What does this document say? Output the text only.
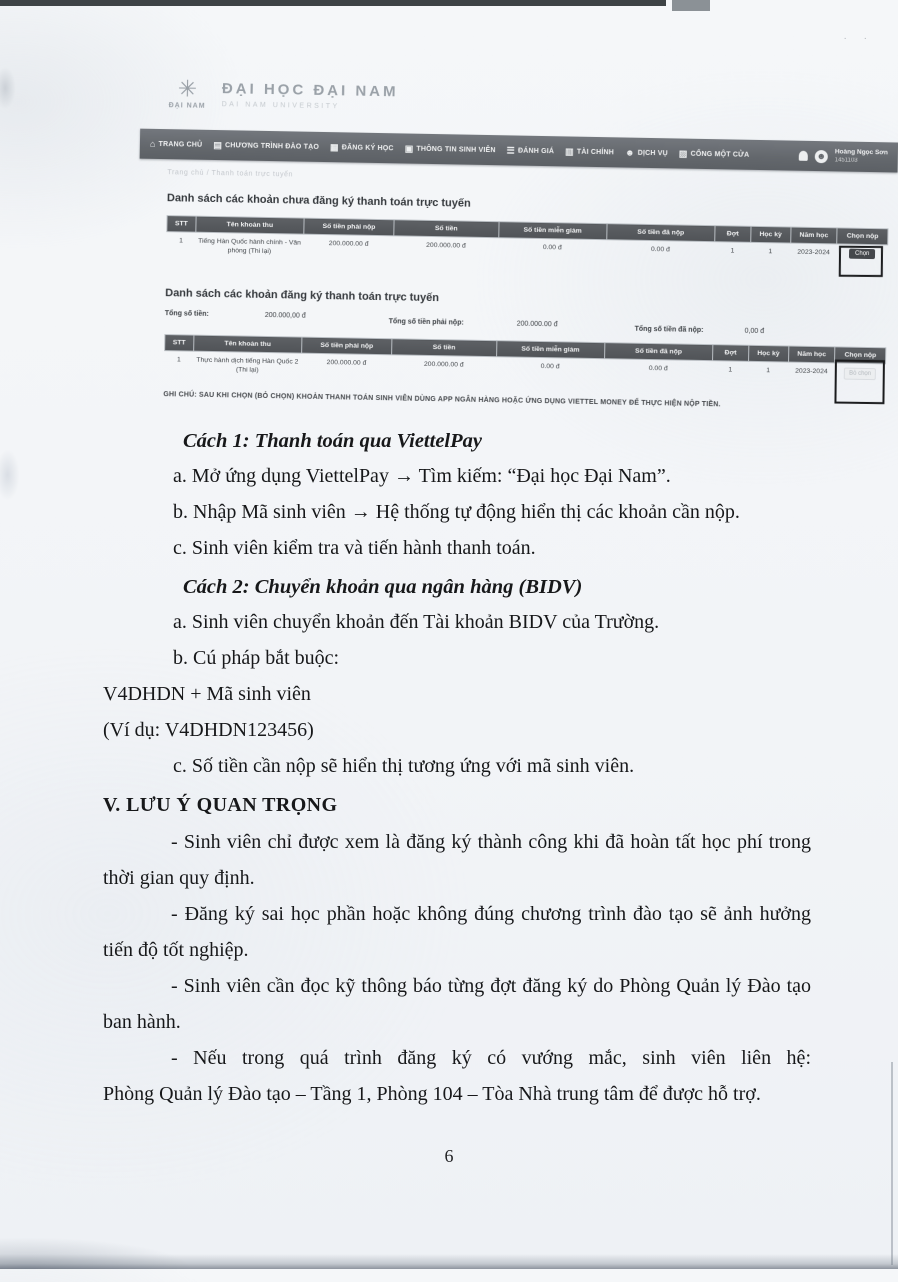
· ·
✳
ĐẠI NAM
ĐẠI HỌC ĐẠI NAM
DAI NAM UNIVERSITY
⌂ TRANG CHỦ ▤ CHƯƠNG TRÌNH ĐÀO TẠO ▦ ĐĂNG KÝ HỌC ▣ THÔNG TIN SINH VIÊN ☰ ĐÁNH GIÁ ▥ TÀI CHÍNH ☻ DỊCH VỤ ▨ CỔNG MỘT CỬA	☻ Hoàng Ngọc Sơn
1451103
Trang chủ / Thanh toán trực tuyến
Danh sách các khoản chưa đăng ký thanh toán trực tuyến
STT	Tên khoản thu	Số tiền phải nộp	Số tiền	Số tiền miễn giảm	Số tiền đã nộp	Đợt	Học kỳ	Năm học	Chọn nộp
1	Tiếng Hàn Quốc hành chính - Văn phòng (Thi lại)	200.000.00 đ	200.000.00 đ	0.00 đ	0.00 đ	1	1	2023-2024	Chọn
Danh sách các khoản đăng ký thanh toán trực tuyến
Tổng số tiền:	200.000,00 đ
Tổng số tiền phải nộp:	200.000.00 đ
Tổng số tiền đã nộp:	0,00 đ
STT	Tên khoản thu	Số tiền phải nộp	Số tiền	Số tiền miễn giảm	Số tiền đã nộp	Đợt	Học kỳ	Năm học	Chọn nộp
1	Thực hành dịch tiếng Hàn Quốc 2 (Thi lại)	200.000.00 đ	200.000.00 đ	0.00 đ	0.00 đ	1	1	2023-2024	Bỏ chọn
GHI CHÚ: SAU KHI CHỌN (BỎ CHỌN) KHOẢN THANH TOÁN SINH VIÊN DÙNG APP NGÂN HÀNG HOẶC ỨNG DỤNG VIETTEL MONEY ĐỂ THỰC HIỆN NỘP TIỀN.
Cách 1: Thanh toán qua ViettelPay
a. Mở ứng dụng ViettelPay → Tìm kiếm: “Đại học Đại Nam”.
b. Nhập Mã sinh viên → Hệ thống tự động hiển thị các khoản cần nộp.
c. Sinh viên kiểm tra và tiến hành thanh toán.
Cách 2: Chuyển khoản qua ngân hàng (BIDV)
a. Sinh viên chuyển khoản đến Tài khoản BIDV của Trường.
b. Cú pháp bắt buộc:
V4DHDN + Mã sinh viên
(Ví dụ: V4DHDN123456)
c. Số tiền cần nộp sẽ hiển thị tương ứng với mã sinh viên.
V. LƯU Ý QUAN TRỌNG

- Sinh viên chỉ được xem là đăng ký thành công khi đã hoàn tất học phí trong thời gian quy định.

- Đăng ký sai học phần hoặc không đúng chương trình đào tạo sẽ ảnh hưởng tiến độ tốt nghiệp.

- Sinh viên cần đọc kỹ thông báo từng đợt đăng ký do Phòng Quản lý Đào tạo ban hành.

- Nếu trong quá trình đăng ký có vướng mắc, sinh viên liên hệ:

Phòng Quản lý Đào tạo – Tầng 1, Phòng 104 – Tòa Nhà trung tâm để được hỗ trợ.

6
